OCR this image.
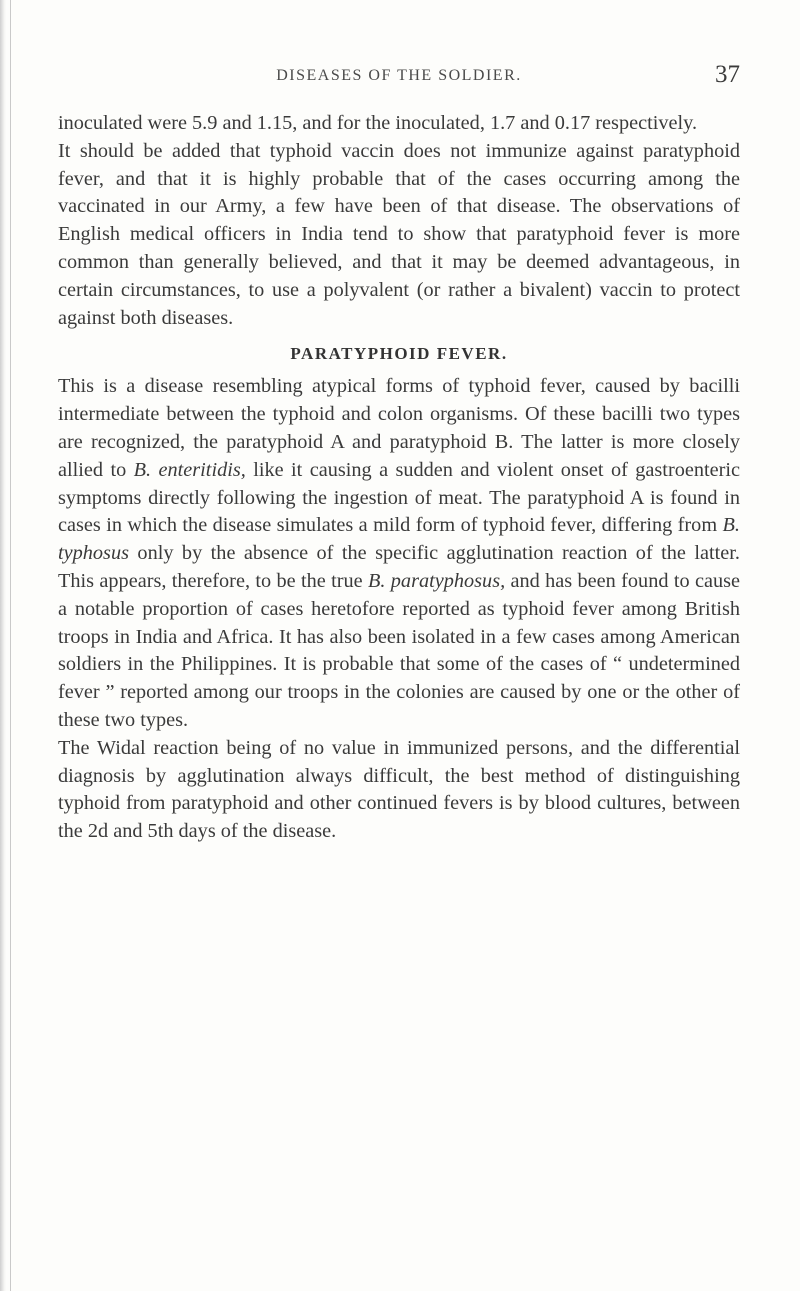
DISEASES OF THE SOLDIER.	37

inoculated were 5.9 and 1.15, and for the inoculated, 1.7 and 0.17 respectively.

It should be added that typhoid vaccin does not immunize against paratyphoid fever, and that it is highly probable that of the cases occurring among the vaccinated in our Army, a few have been of that disease. The observations of English medical officers in India tend to show that paratyphoid fever is more common than generally believed, and that it may be deemed advantageous, in certain circumstances, to use a polyvalent (or rather a bivalent) vaccin to protect against both diseases.

PARATYPHOID FEVER.

This is a disease resembling atypical forms of typhoid fever, caused by bacilli intermediate between the typhoid and colon organisms. Of these bacilli two types are recognized, the paratyphoid A and paratyphoid B. The latter is more closely allied to B. enteritidis, like it causing a sudden and violent onset of gastroenteric symptoms directly following the ingestion of meat. The paratyphoid A is found in cases in which the disease simulates a mild form of typhoid fever, differing from B. typhosus only by the absence of the specific agglutination reaction of the latter. This appears, therefore, to be the true B. paratyphosus, and has been found to cause a notable proportion of cases heretofore reported as typhoid fever among British troops in India and Africa. It has also been isolated in a few cases among American soldiers in the Philippines. It is probable that some of the cases of “ undetermined fever ” reported among our troops in the colonies are caused by one or the other of these two types.

The Widal reaction being of no value in immunized persons, and the differential diagnosis by agglutination always difficult, the best method of distinguishing typhoid from paratyphoid and other continued fevers is by blood cultures, between the 2d and 5th days of the disease.
